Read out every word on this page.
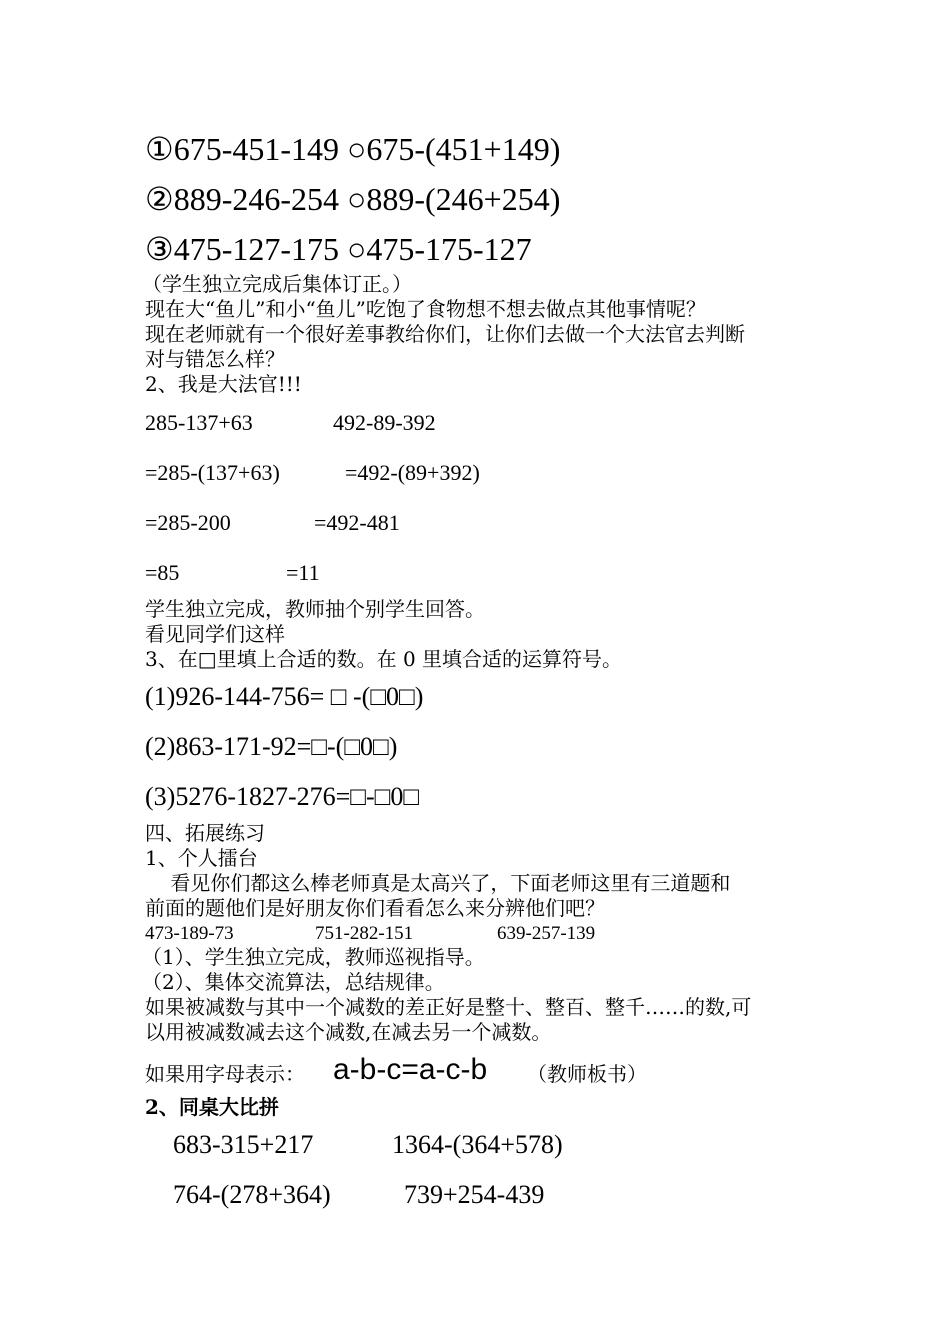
①675-451-149 ○675-(451+149)
②889-246-254 ○889-(246+254)
③475-127-175 ○475-175-127
（学生独立完成后集体订正。）
现在大“鱼儿”和小“鱼儿”吃饱了食物想不想去做点其他事情呢？
现在老师就有一个很好差事教给你们，让你们去做一个大法官去判断
对与错怎么样？
2、我是大法官!!!
285-137+63	492-89-392
=285-(137+63)	=492-(89+392)
=285-200	=492-481
=85	=11
学生独立完成，教师抽个别学生回答。
看见同学们这样
3、在□里填上合适的数。在 0 里填合适的运算符号。
(1)926-144-756= □ -(□0□)
(2)863-171-92=□-(□0□)
(3)5276-1827-276=□-□0□
四、拓展练习
1、个人擂台
看见你们都这么棒老师真是太高兴了，下面老师这里有三道题和
前面的题他们是好朋友你们看看怎么来分辨他们吧？
473-189-73	751-282-151	639-257-139
（1）、学生独立完成，教师巡视指导。
（2）、集体交流算法，总结规律。
如果被减数与其中一个减数的差正好是整十、整百、整千……的数,可
以用被减数减去这个减数,在减去另一个减数。
如果用字母表示： a-b-c=a-c-b （教师板书）
2、同桌大比拼
683-315+217	1364-(364+578)
764-(278+364)	739+254-439
